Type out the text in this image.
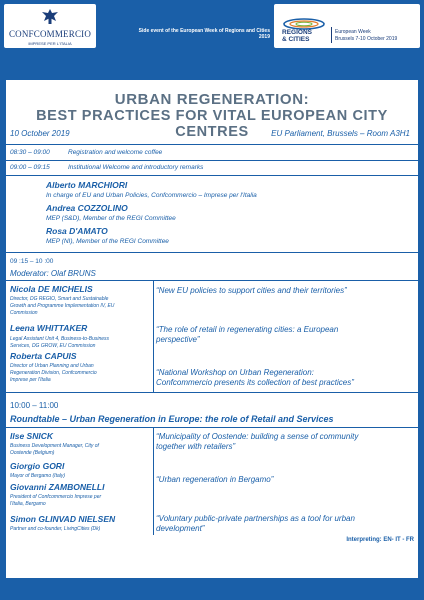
CONFCOMMERCIO
IMPRESE PER L'ITALIA
Side event of the European Week of Regions and Cities 2019
REGIONS
& CITIES
European Week
Brussels 7-10 October 2019
URBAN REGENERATION:
BEST PRACTICES FOR VITAL EUROPEAN CITY CENTRES
10 October 2019	EU Parliament, Brussels – Room A3H1
08:30 – 09:00	Registration and welcome coffee
09:00 – 09:15	Institutional Welcome and introductory remarks
Alberto MARCHIORI
In charge of EU and Urban Policies, Confcommercio – Imprese per l'Italia
Andrea COZZOLINO
MEP (S&D), Member of the REGI Committee
Rosa D'AMATO
MEP (NI), Member of the REGI Committee
09 :15 – 10 :00
Moderator: Olaf BRUNS
Nicola DE MICHELIS
Director, DG REGIO, Smart and Sustainable
Growth and Programme Implementation IV, EU
Commission
“New EU policies to support cities and their territories”
Leena WHITTAKER
Legal Assistant Unit 4, Business-to-Business
Services, DG GROW, EU Commission
“The role of retail in regenerating cities: a European
perspective”
Roberta CAPUIS
Director of Urban Planning and Urban
Regeneration Division, Confcommercio
Imprese per l'Italia
“National Workshop on Urban Regeneration:
Confcommercio presents its collection of best practices”
10:00 – 11:00
Roundtable – Urban Regeneration in Europe: the role of Retail and Services
Ilse SNICK
Business Development Manager, City of
Oostende (Belgium)
“Municipality of Oostende: building a sense of community
together with retailers”
Giorgio GORI
Mayor of Bergamo (Italy)	“Urban regeneration in Bergamo”
Giovanni ZAMBONELLI
President of Confcommercio Imprese per
l'Italia, Bergamo
Simon GLINVAD NIELSEN
Partner and co-founder, LivingCities (Dk)
“Voluntary public-private partnerships as a tool for urban
development”
Interpreting: EN- IT - FR
